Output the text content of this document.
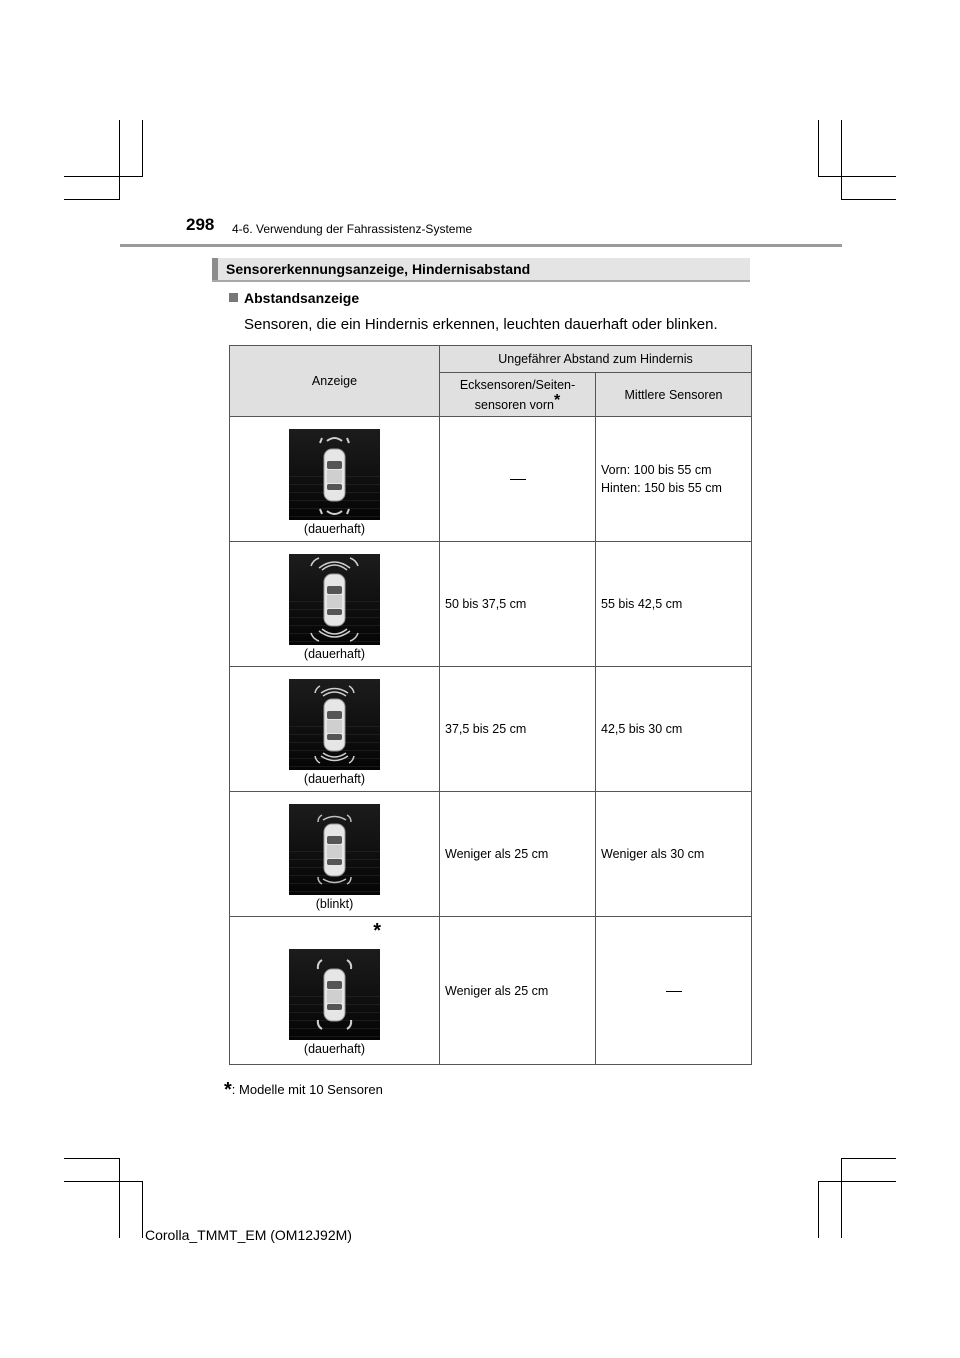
298 4-6. Verwendung der Fahrassistenz-Systeme
Sensorerkennungsanzeige, Hindernisabstand
Abstandsanzeige
Sensoren, die ein Hindernis erkennen, leuchten dauerhaft oder blinken.
Anzeige	Ungefährer Abstand zum Hindernis	
	Ecksensoren/Seiten-
sensoren vorn*	Mittlere Sensoren

(dauerhaft)		Vorn: 100 bis 55 cm
Hinten: 150 bis 55 cm

(dauerhaft)	50 bis 37,5 cm	55 bis 42,5 cm

(dauerhaft)	37,5 bis 25 cm	42,5 bis 30 cm

(blinkt)	Weniger als 25 cm	Weniger als 30 cm

*
(dauerhaft)	Weniger als 25 cm	
*: Modelle mit 10 Sensoren
Corolla_TMMT_EM (OM12J92M)
